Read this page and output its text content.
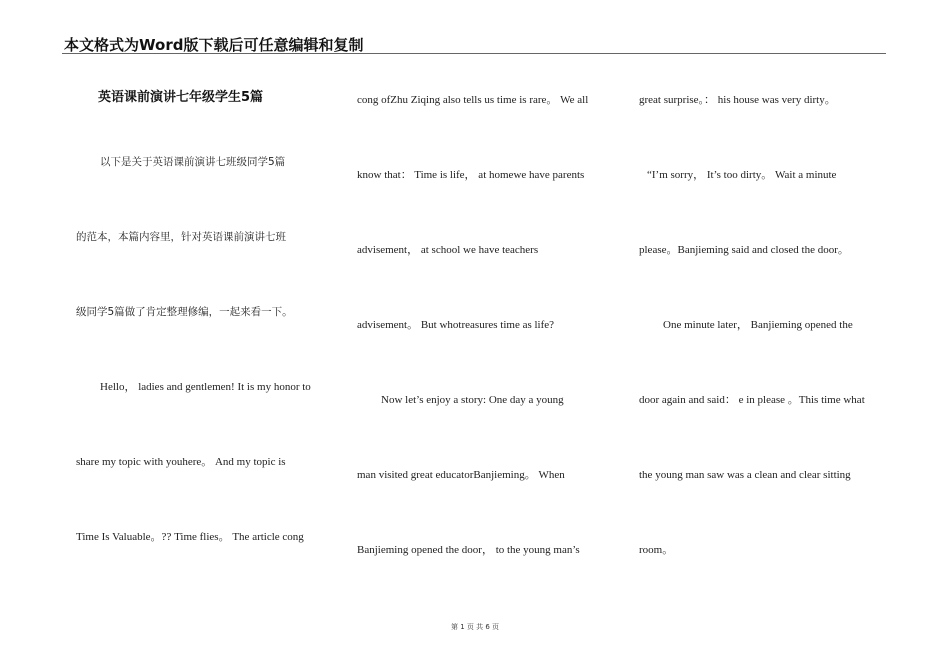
本文格式为Word版下载后可任意编辑和复制
英语课前演讲七年级学生5篇
以下是关于英语课前演讲七班级同学5篇
的范本，本篇内容里，针对英语课前演讲七班
级同学5篇做了肯定整理修编，一起来看一下。
Hello， ladies and gentlemen! It is my honor to
share my topic with youhere。 And my topic is
Time Is Valuable。?? Time flies。 The article cong
cong ofZhu Ziqing also tells us time is rare。 We all
know that： Time is life， at homewe have parents
advisement， at school we have teachers
advisement。 But whotreasures time as life?
Now let’s enjoy a story: One day a young
man visited great educatorBanjieming。 When
Banjieming opened the door， to the young man’s
great surprise。： his house was very dirty。
“I’m sorry， It’s too dirty。 Wait a minute
please。Banjieming said and closed the door。
One minute later， Banjieming opened the
door again and said： e in please 。This time what
the young man saw was a clean and clear sitting
room。
第 1 页 共 6 页
